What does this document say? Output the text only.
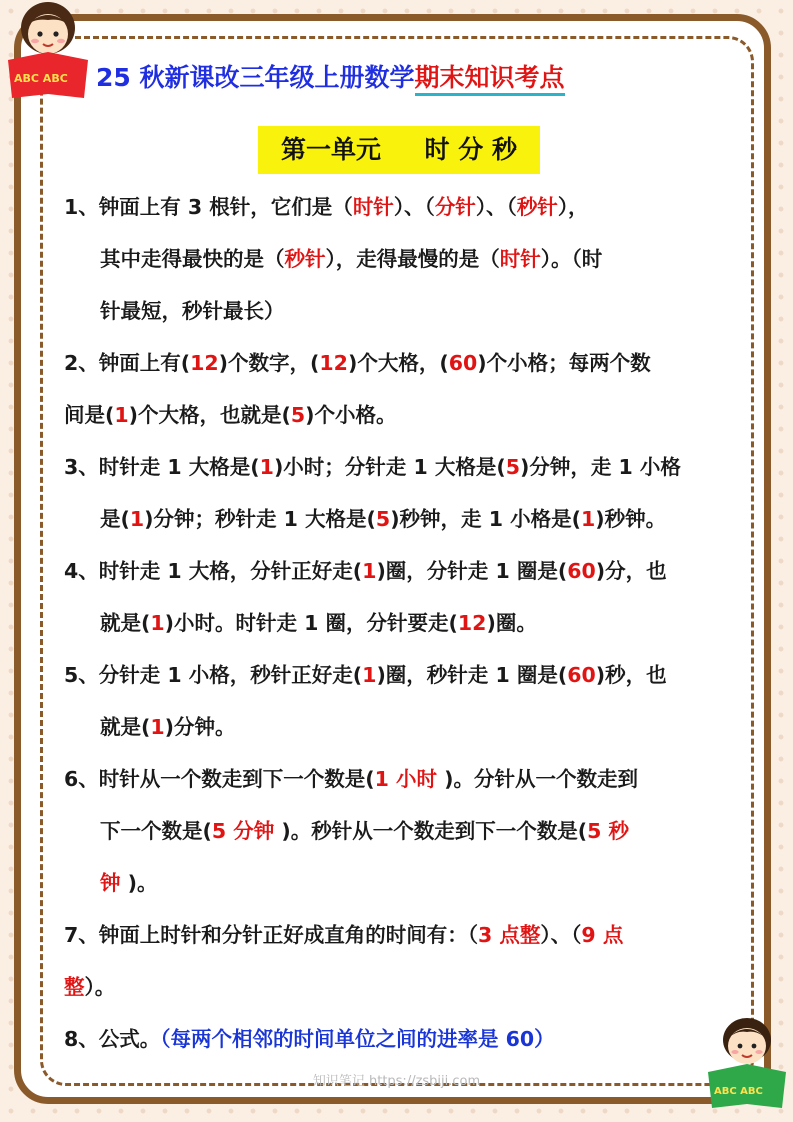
ABC ABC
ABC ABC
25 秋新课改三年级上册数学期末知识考点
第一单元     时 分 秒
1、钟面上有 3 根针，它们是（时针）、（分针）、（秒针），
其中走得最快的是（秒针），走得最慢的是（时针）。（时
针最短，秒针最长）
2、钟面上有(12)个数字，(12)个大格，(60)个小格；每两个数
间是(1)个大格，也就是(5)个小格。
3、时针走 1 大格是(1)小时；分针走 1 大格是(5)分钟，走 1 小格
是(1)分钟；秒针走 1 大格是(5)秒钟，走 1 小格是(1)秒钟。
4、时针走 1 大格，分针正好走(1)圈，分针走 1 圈是(60)分，也
就是(1)小时。时针走 1 圈，分针要走(12)圈。
5、分针走 1 小格，秒针正好走(1)圈，秒针走 1 圈是(60)秒，也
就是(1)分钟。
6、时针从一个数走到下一个数是(1 小时 )。分针从一个数走到
下一个数是(5 分钟 )。秒针从一个数走到下一个数是(5 秒
钟 )。
7、钟面上时针和分针正好成直角的时间有：（3 点整）、（9 点
整）。
8、公式。（每两个相邻的时间单位之间的进率是 60）
知识笔记 https://zsbiji.com
